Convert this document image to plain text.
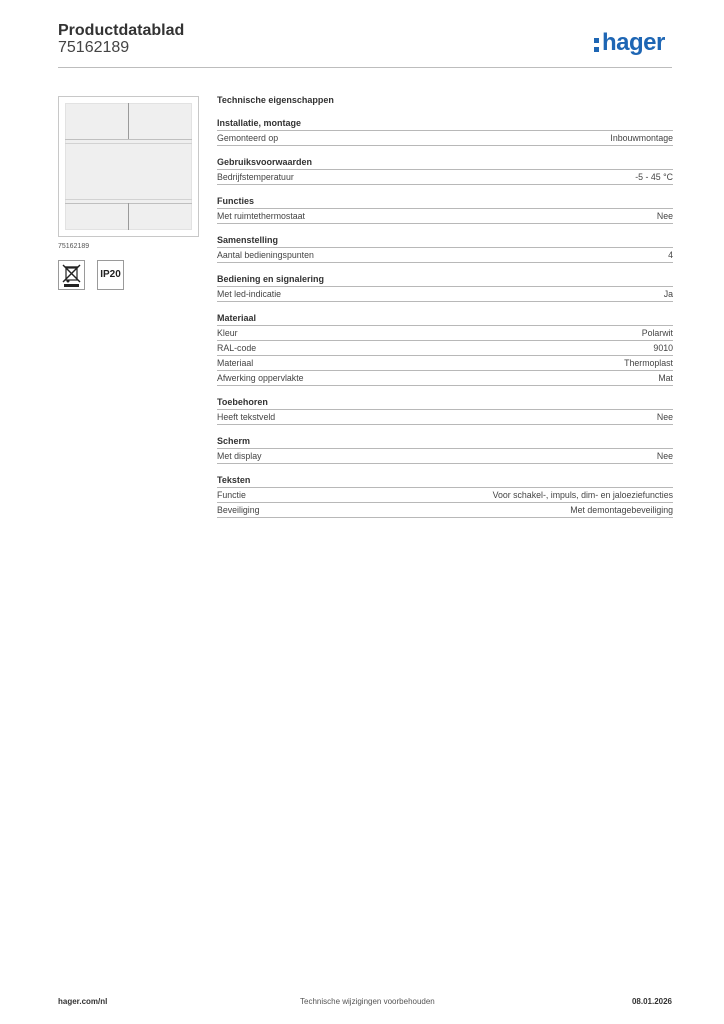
Productdatablad
75162189	hager
75162189
IP20
Technische eigenschappen
Installatie, montage
Gemonteerd op	Inbouwmontage
Gebruiksvoorwaarden
Bedrijfstemperatuur	-5 - 45 °C
Functies
Met ruimtethermostaat	Nee
Samenstelling
Aantal bedieningspunten	4
Bediening en signalering
Met led-indicatie	Ja
Materiaal
Kleur	Polarwit
RAL-code	9010
Materiaal	Thermoplast
Afwerking oppervlakte	Mat
Toebehoren
Heeft tekstveld	Nee
Scherm
Met display	Nee
Teksten
Functie	Voor schakel-, impuls, dim- en jaloeziefuncties
Beveiliging	Met demontagebeveiliging
hager.com/nl	Technische wijzigingen voorbehouden	08.01.2026
